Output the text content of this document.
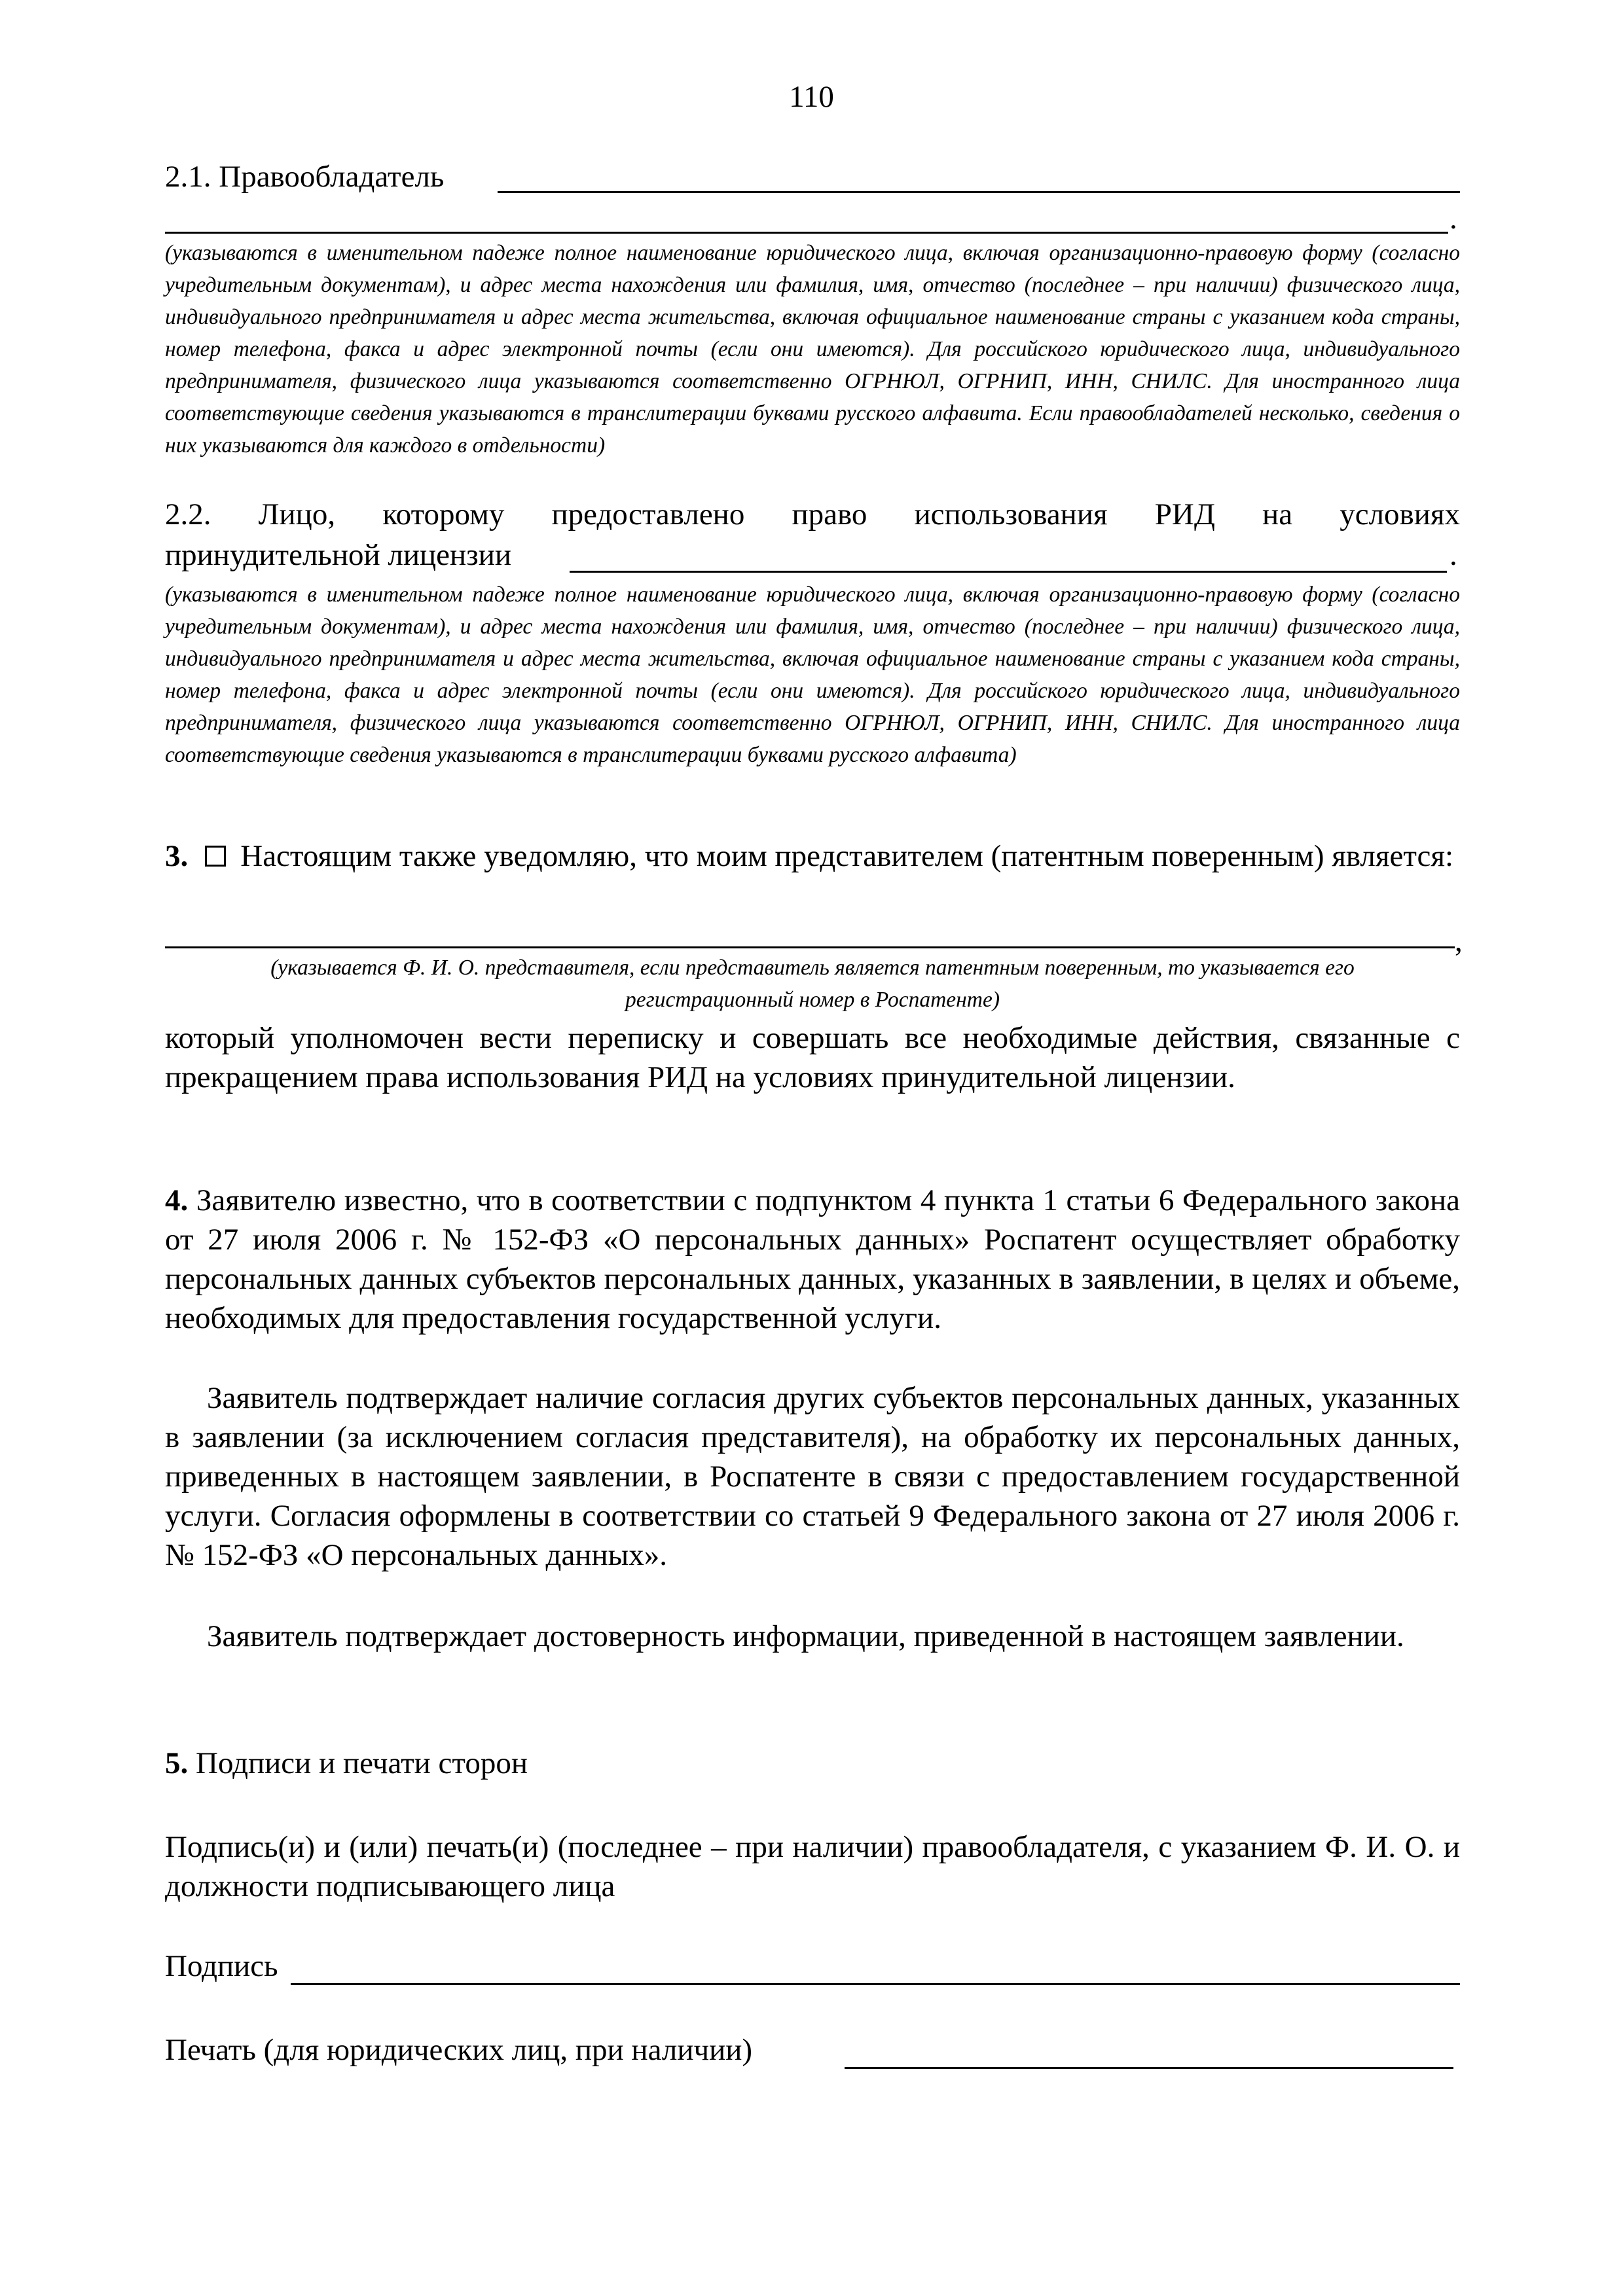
110
2.1. Правообладатель
.
(указываются в именительном падеже полное наименование юридического лица, включая организационно-правовую форму (согласно учредительным документам), и адрес места нахождения или фамилия, имя, отчество (последнее – при наличии) физического лица, индивидуального предпринимателя и адрес места жительства, включая официальное наименование страны с указанием кода страны, номер телефона, факса и адрес электронной почты (если они имеются). Для российского юридического лица, индивидуального предпринимателя, физического лица указываются соответственно ОГРНЮЛ, ОГРНИП, ИНН, СНИЛС. Для иностранного лица соответствующие сведения указываются в транслитерации буквами русского алфавита. Если правообладателей несколько, сведения о них указываются для каждого в отдельности)
2.2. Лицо, которому предоставлено право использования РИД на условиях
принудительной лицензии	.
(указываются в именительном падеже полное наименование юридического лица, включая организационно-правовую форму (согласно учредительным документам), и адрес места нахождения или фамилия, имя, отчество (последнее – при наличии) физического лица, индивидуального предпринимателя и адрес места жительства, включая официальное наименование страны с указанием кода страны, номер телефона, факса и адрес электронной почты (если они имеются). Для российского юридического лица, индивидуального предпринимателя, физического лица указываются соответственно ОГРНЮЛ, ОГРНИП, ИНН, СНИЛС. Для иностранного лица соответствующие сведения указываются в транслитерации буквами русского алфавита)
3. Настоящим также уведомляю, что моим представителем (патентным поверенным) является:
,
(указывается Ф. И. О. представителя, если представитель является патентным поверенным, то указывается его регистрационный номер в Роспатенте)
который уполномочен вести переписку и совершать все необходимые действия, связанные с прекращением права использования РИД на условиях принудительной лицензии.
4. Заявителю известно, что в соответствии с подпунктом 4 пункта 1 статьи 6 Федерального закона от 27 июля 2006 г. № 152-ФЗ «О персональных данных» Роспатент осуществляет обработку персональных данных субъектов персональных данных, указанных в заявлении, в целях и объеме, необходимых для предоставления государственной услуги.
Заявитель подтверждает наличие согласия других субъектов персональных данных, указанных в заявлении (за исключением согласия представителя), на обработку их персональных данных, приведенных в настоящем заявлении, в Роспатенте в связи с предоставлением государственной услуги. Согласия оформлены в соответствии со статьей 9 Федерального закона от 27 июля 2006 г. № 152-ФЗ «О персональных данных».
Заявитель подтверждает достоверность информации, приведенной в настоящем заявлении.
5. Подписи и печати сторон
Подпись(и) и (или) печать(и) (последнее – при наличии) правообладателя, с указанием Ф. И. О. и должности подписывающего лица
Подпись
Печать (для юридических лиц, при наличии)
